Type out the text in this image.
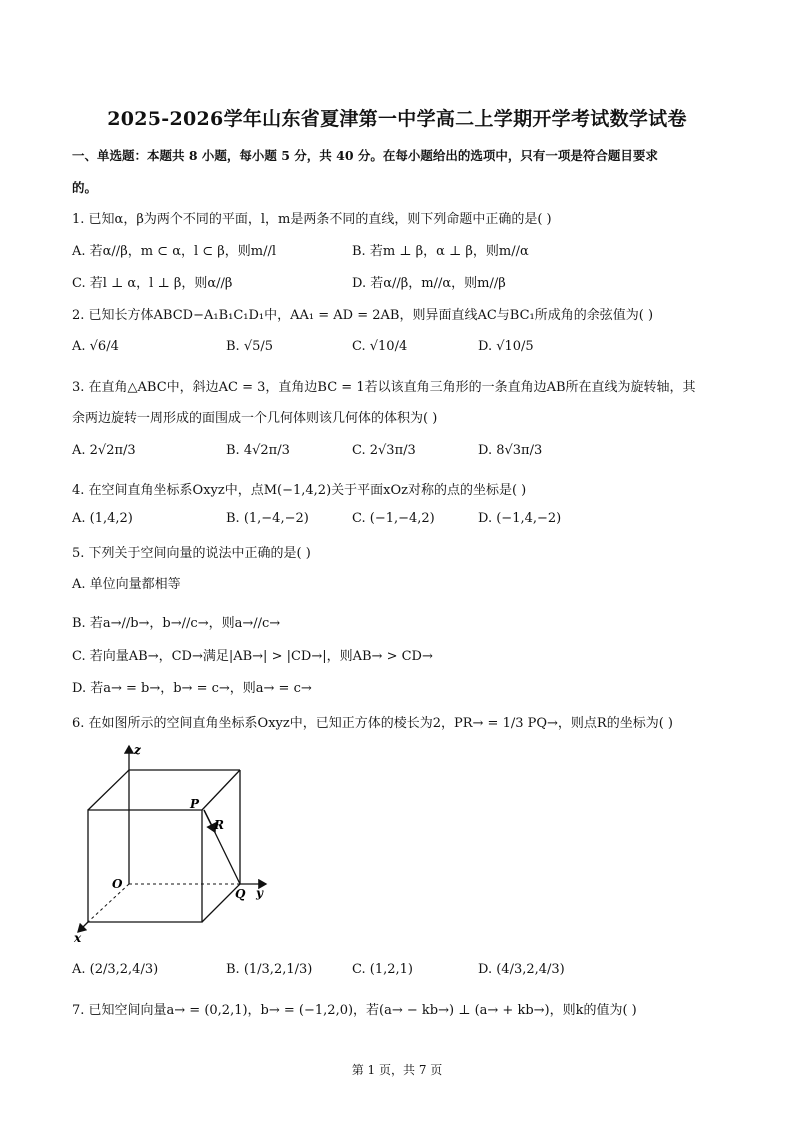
2025-2026学年山东省夏津第一中学高二上学期开学考试数学试卷
一、单选题：本题共 8 小题，每小题 5 分，共 40 分。在每小题给出的选项中，只有一项是符合题目要求
的。
1. 已知α，β为两个不同的平面，l，m是两条不同的直线，则下列命题中正确的是( )
A. 若α//β，m ⊂ α，l ⊂ β，则m//l	B. 若m ⊥ β，α ⊥ β，则m//α
C. 若l ⊥ α，l ⊥ β，则α//β	D. 若α//β，m//α，则m//β
2. 已知长方体ABCD−A₁B₁C₁D₁中，AA₁ = AD = 2AB，则异面直线AC与BC₁所成角的余弦值为( )
A. √6/4	B. √5/5	C. √10/4	D. √10/5
3. 在直角△ABC中，斜边AC = 3，直角边BC = 1若以该直角三角形的一条直角边AB所在直线为旋转轴，其
余两边旋转一周形成的面围成一个几何体则该几何体的体积为( )
A. 2√2π/3	B. 4√2π/3	C. 2√3π/3	D. 8√3π/3
4. 在空间直角坐标系Oxyz中，点M(−1,4,2)关于平面xOz对称的点的坐标是( )
A. (1,4,2)	B. (1,−4,−2)	C. (−1,−4,2)	D. (−1,4,−2)
5. 下列关于空间向量的说法中正确的是( )
A. 单位向量都相等
B. 若a→//b→，b→//c→，则a→//c→
C. 若向量AB→，CD→满足|AB→| > |CD→|，则AB→ > CD→
D. 若a→ = b→，b→ = c→，则a→ = c→
6. 在如图所示的空间直角坐标系Oxyz中，已知正方体的棱长为2，PR→ = 1/3 PQ→，则点R的坐标为( )
z
P
R
O
Q y
x
A. (2/3,2,4/3)	B. (1/3,2,1/3)	C. (1,2,1)	D. (4/3,2,4/3)
7. 已知空间向量a→ = (0,2,1)，b→ = (−1,2,0)，若(a→ − kb→) ⊥ (a→ + kb→)，则k的值为( )
第 1 页，共 7 页
